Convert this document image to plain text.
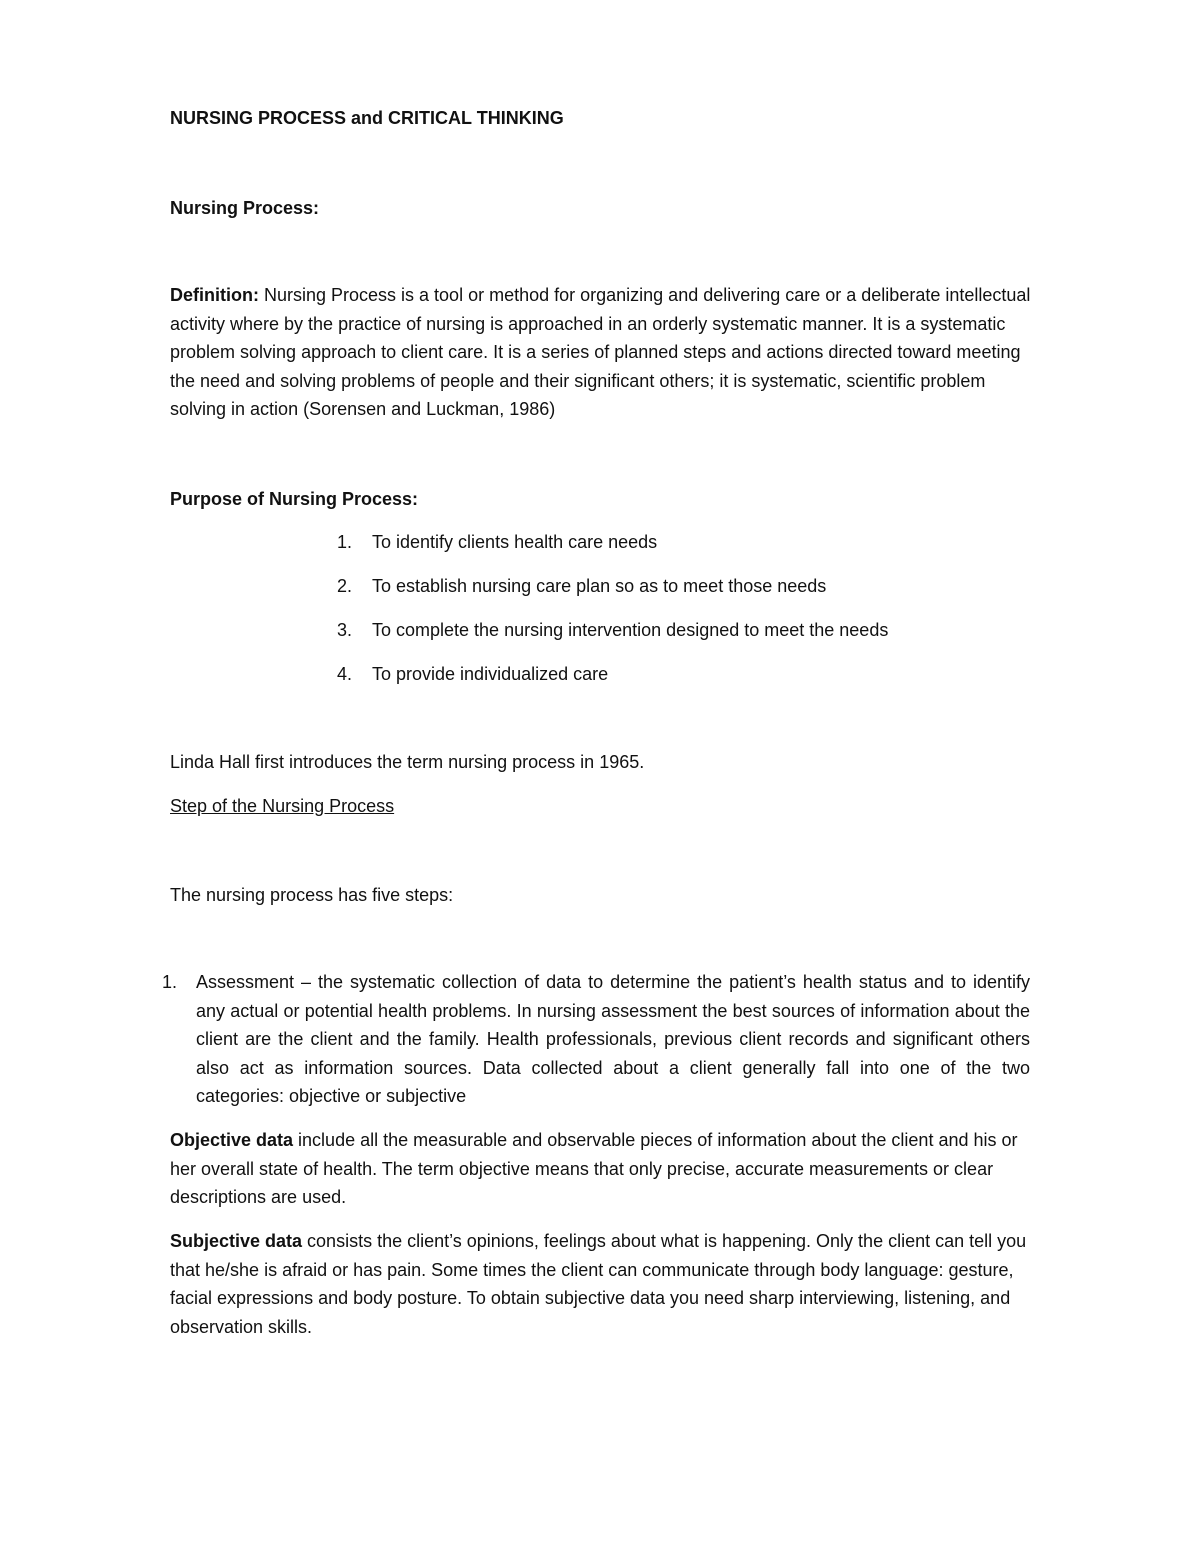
NURSING PROCESS and CRITICAL THINKING
Nursing Process:
Definition: Nursing Process is a tool or method for organizing and delivering care or a deliberate intellectual activity where by the practice of nursing is approached in an orderly systematic manner. It is a systematic problem solving approach to client care. It is a series of planned steps and actions directed toward meeting the need and solving problems of people and their significant others; it is systematic, scientific problem solving in action (Sorensen and Luckman, 1986)
Purpose of Nursing Process:
1. To identify clients health care needs
2. To establish nursing care plan so as to meet those needs
3. To complete the nursing intervention designed to meet the needs
4. To provide individualized care
Linda Hall first introduces the term nursing process in 1965.
Step of the Nursing Process
The nursing process has five steps:
1. Assessment – the systematic collection of data to determine the patient’s health status and to identify any actual or potential health problems. In nursing assessment the best sources of information about the client are the client and the family. Health professionals, previous client records and significant others also act as information sources. Data collected about a client generally fall into one of the two categories: objective or subjective
Objective data include all the measurable and observable pieces of information about the client and his or her overall state of health. The term objective means that only precise, accurate measurements or clear descriptions are used.
Subjective data consists the client’s opinions, feelings about what is happening. Only the client can tell you that he/she is afraid or has pain. Some times the client can communicate through body language: gesture, facial expressions and body posture. To obtain subjective data you need sharp interviewing, listening, and observation skills.
